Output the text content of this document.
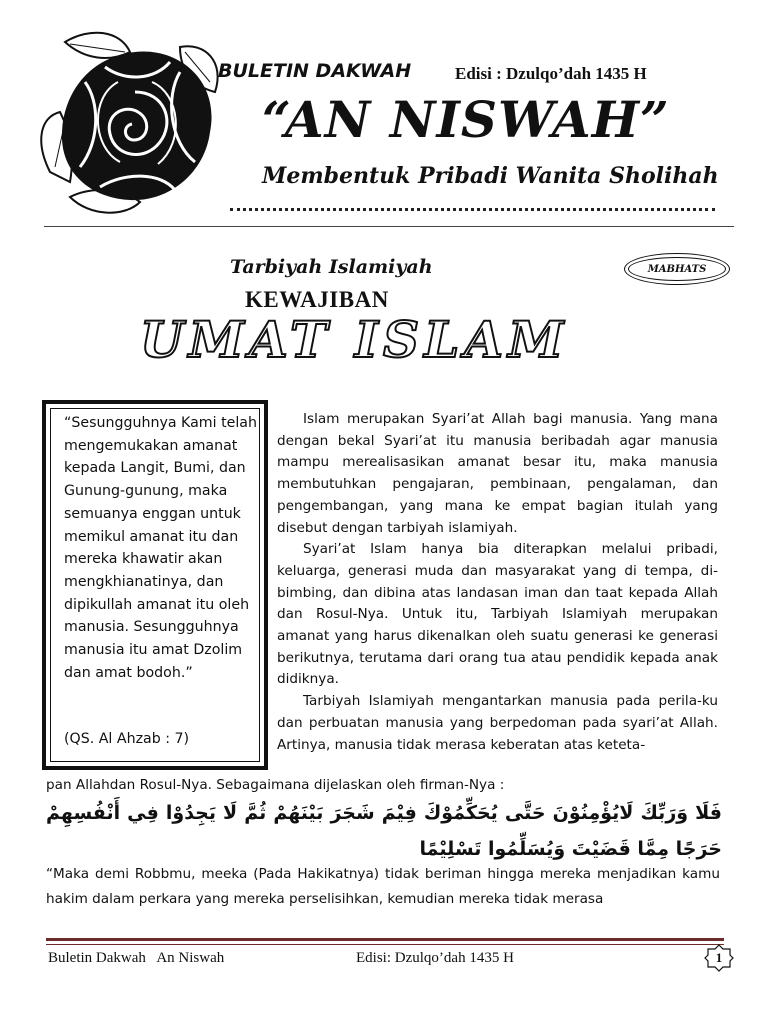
BULETIN DAKWAH	Edisi : Dzulqo’dah 1435 H
“AN NISWAH”
Membentuk Pribadi Wanita Sholihah
Tarbiyah Islamiyah	MABHATS
KEWAJIBAN
UMAT ISLAM
“Sesungguhnya Kami telah mengemukakan amanat kepada Langit, Bumi, dan Gunung-gunung, maka semuanya enggan untuk memikul amanat itu dan mereka khawatir akan mengkhianatinya, dan dipikullah amanat itu oleh manusia. Sesungguhnya manusia itu amat Dzolim dan amat bodoh.”
(QS. Al Ahzab : 7)

Islam merupakan Syari’at Allah bagi manusia. Yang mana dengan bekal Syari’at itu manusia beribadah agar manusia mampu merealisasikan amanat besar itu, maka manusia membutuhkan pengajaran, pembinaan, pengalaman, dan pengembangan, yang mana ke empat bagian itulah yang disebut dengan tarbiyah islamiyah.

Syari’at Islam hanya bia diterapkan melalui pribadi, keluarga, generasi muda dan masyarakat yang di tempa, di-bimbing, dan dibina atas landasan iman dan taat kepada Allah dan Rosul-Nya. Untuk itu, Tarbiyah Islamiyah merupakan amanat yang harus dikenalkan oleh suatu generasi ke generasi berikutnya, terutama dari orang tua atau pendidik kepada anak didiknya.

Tarbiyah Islamiyah mengantarkan manusia pada perila-ku dan perbuatan manusia yang berpedoman pada syari’at Allah. Artinya, manusia tidak merasa keberatan atas keteta-

pan Allahdan Rosul-Nya. Sebagaimana dijelaskan oleh firman-Nya :
فَلَا وَرَبِّكَ لَايُؤْمِنُوْنَ حَتَّى يُحَكِّمُوْكَ فِيْمَ شَجَرَ بَيْنَهُمْ ثُمَّ لَا يَجِدُوْا فِي أَنْفُسِهِمْ حَرَجًا مِمَّا قَضَيْتَ وَيُسَلِّمُوا تَسْلِيْمًا
“Maka demi Robbmu, meeka (Pada Hakikatnya) tidak beriman hingga mereka menjadikan kamu hakim dalam perkara yang mereka perselisihkan, kemudian mereka tidak merasa
Buletin Dakwah   An Niswah	Edisi: Dzulqo’dah 1435 H	1
